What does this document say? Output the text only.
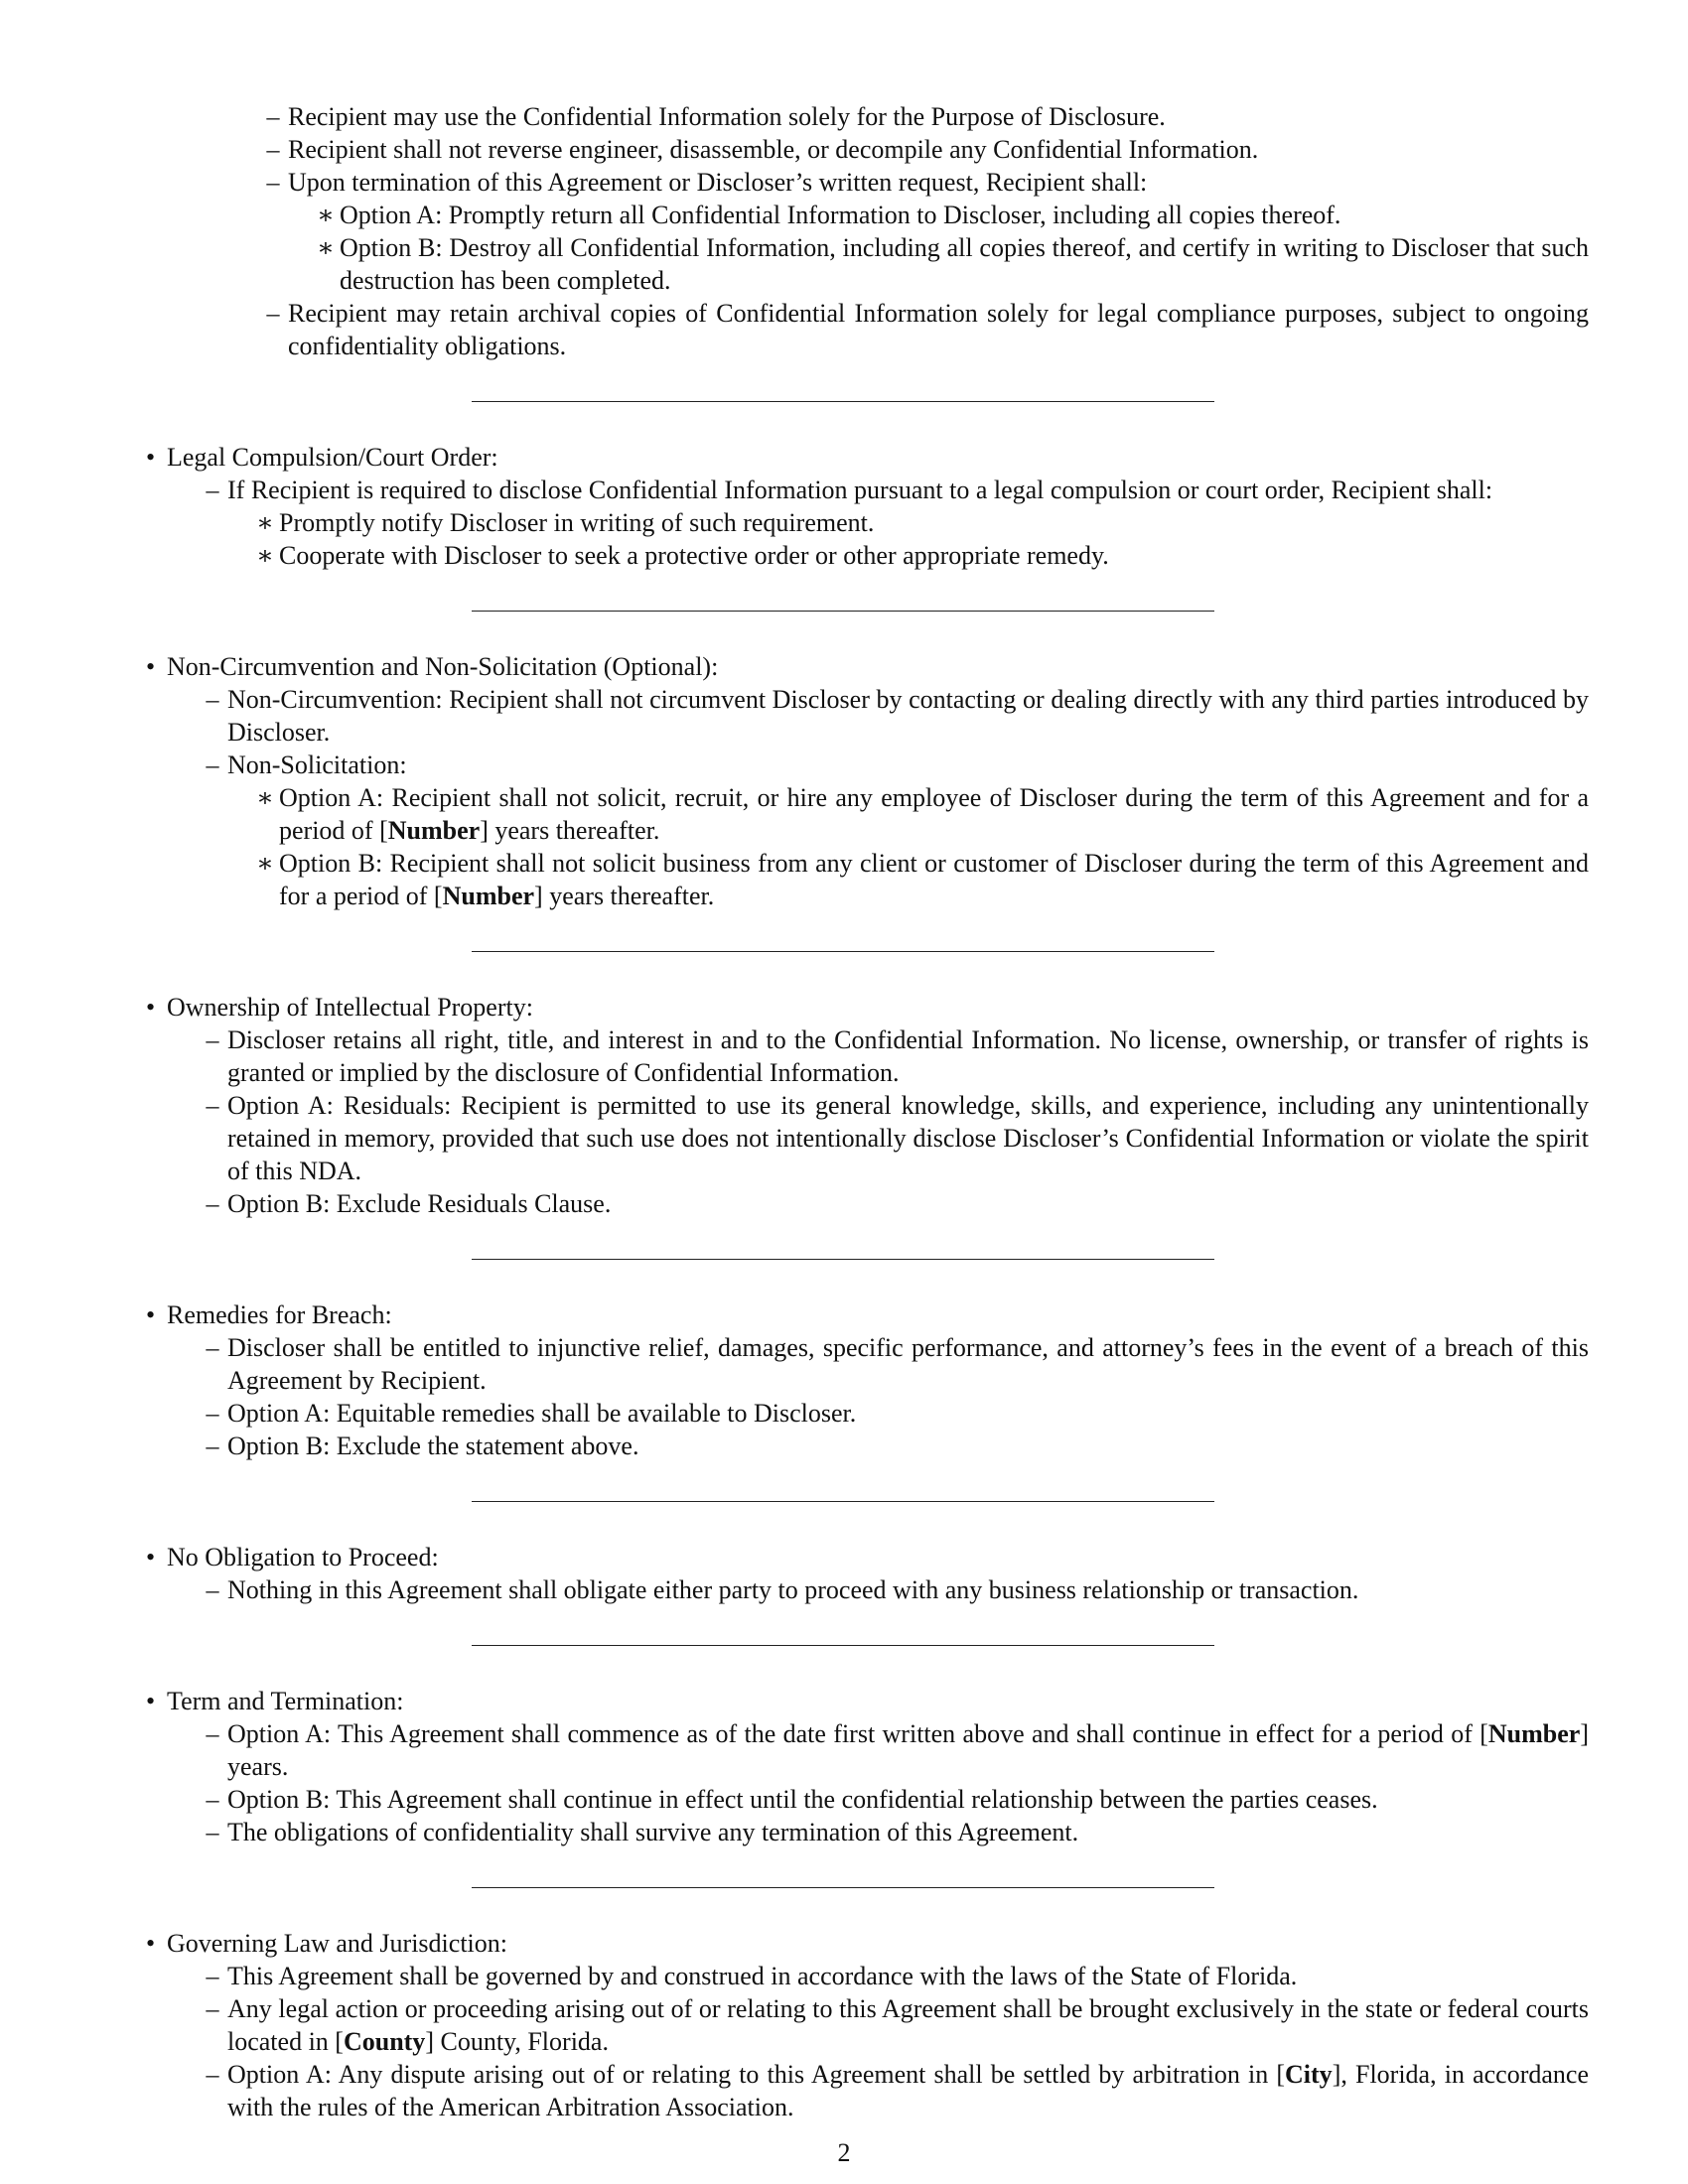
– Recipient may use the Confidential Information solely for the Purpose of Disclosure.
– Recipient shall not reverse engineer, disassemble, or decompile any Confidential Information.
– Upon termination of this Agreement or Discloser’s written request, Recipient shall:
∗ Option A: Promptly return all Confidential Information to Discloser, including all copies thereof.
∗ Option B: Destroy all Confidential Information, including all copies thereof, and certify in writing to Discloser that such destruction has been completed.
– Recipient may retain archival copies of Confidential Information solely for legal compliance purposes, subject to ongoing confidentiality obligations.
• Legal Compulsion/Court Order:
– If Recipient is required to disclose Confidential Information pursuant to a legal compulsion or court order, Recipient shall:
∗ Promptly notify Discloser in writing of such requirement.
∗ Cooperate with Discloser to seek a protective order or other appropriate remedy.
• Non-Circumvention and Non-Solicitation (Optional):
– Non-Circumvention: Recipient shall not circumvent Discloser by contacting or dealing directly with any third parties introduced by Discloser.
– Non-Solicitation:
∗ Option A: Recipient shall not solicit, recruit, or hire any employee of Discloser during the term of this Agreement and for a period of [Number] years thereafter.
∗ Option B: Recipient shall not solicit business from any client or customer of Discloser during the term of this Agreement and for a period of [Number] years thereafter.
• Ownership of Intellectual Property:
– Discloser retains all right, title, and interest in and to the Confidential Information. No license, ownership, or transfer of rights is granted or implied by the disclosure of Confidential Information.
– Option A: Residuals: Recipient is permitted to use its general knowledge, skills, and experience, including any unintentionally retained in memory, provided that such use does not intentionally disclose Discloser’s Confidential Information or violate the spirit of this NDA.
– Option B: Exclude Residuals Clause.
• Remedies for Breach:
– Discloser shall be entitled to injunctive relief, damages, specific performance, and attorney’s fees in the event of a breach of this Agreement by Recipient.
– Option A: Equitable remedies shall be available to Discloser.
– Option B: Exclude the statement above.
• No Obligation to Proceed:
– Nothing in this Agreement shall obligate either party to proceed with any business relationship or transaction.
• Term and Termination:
– Option A: This Agreement shall commence as of the date first written above and shall continue in effect for a period of [Number] years.
– Option B: This Agreement shall continue in effect until the confidential relationship between the parties ceases.
– The obligations of confidentiality shall survive any termination of this Agreement.
• Governing Law and Jurisdiction:
– This Agreement shall be governed by and construed in accordance with the laws of the State of Florida.
– Any legal action or proceeding arising out of or relating to this Agreement shall be brought exclusively in the state or federal courts located in [County] County, Florida.
– Option A: Any dispute arising out of or relating to this Agreement shall be settled by arbitration in [City], Florida, in accordance with the rules of the American Arbitration Association.
2
